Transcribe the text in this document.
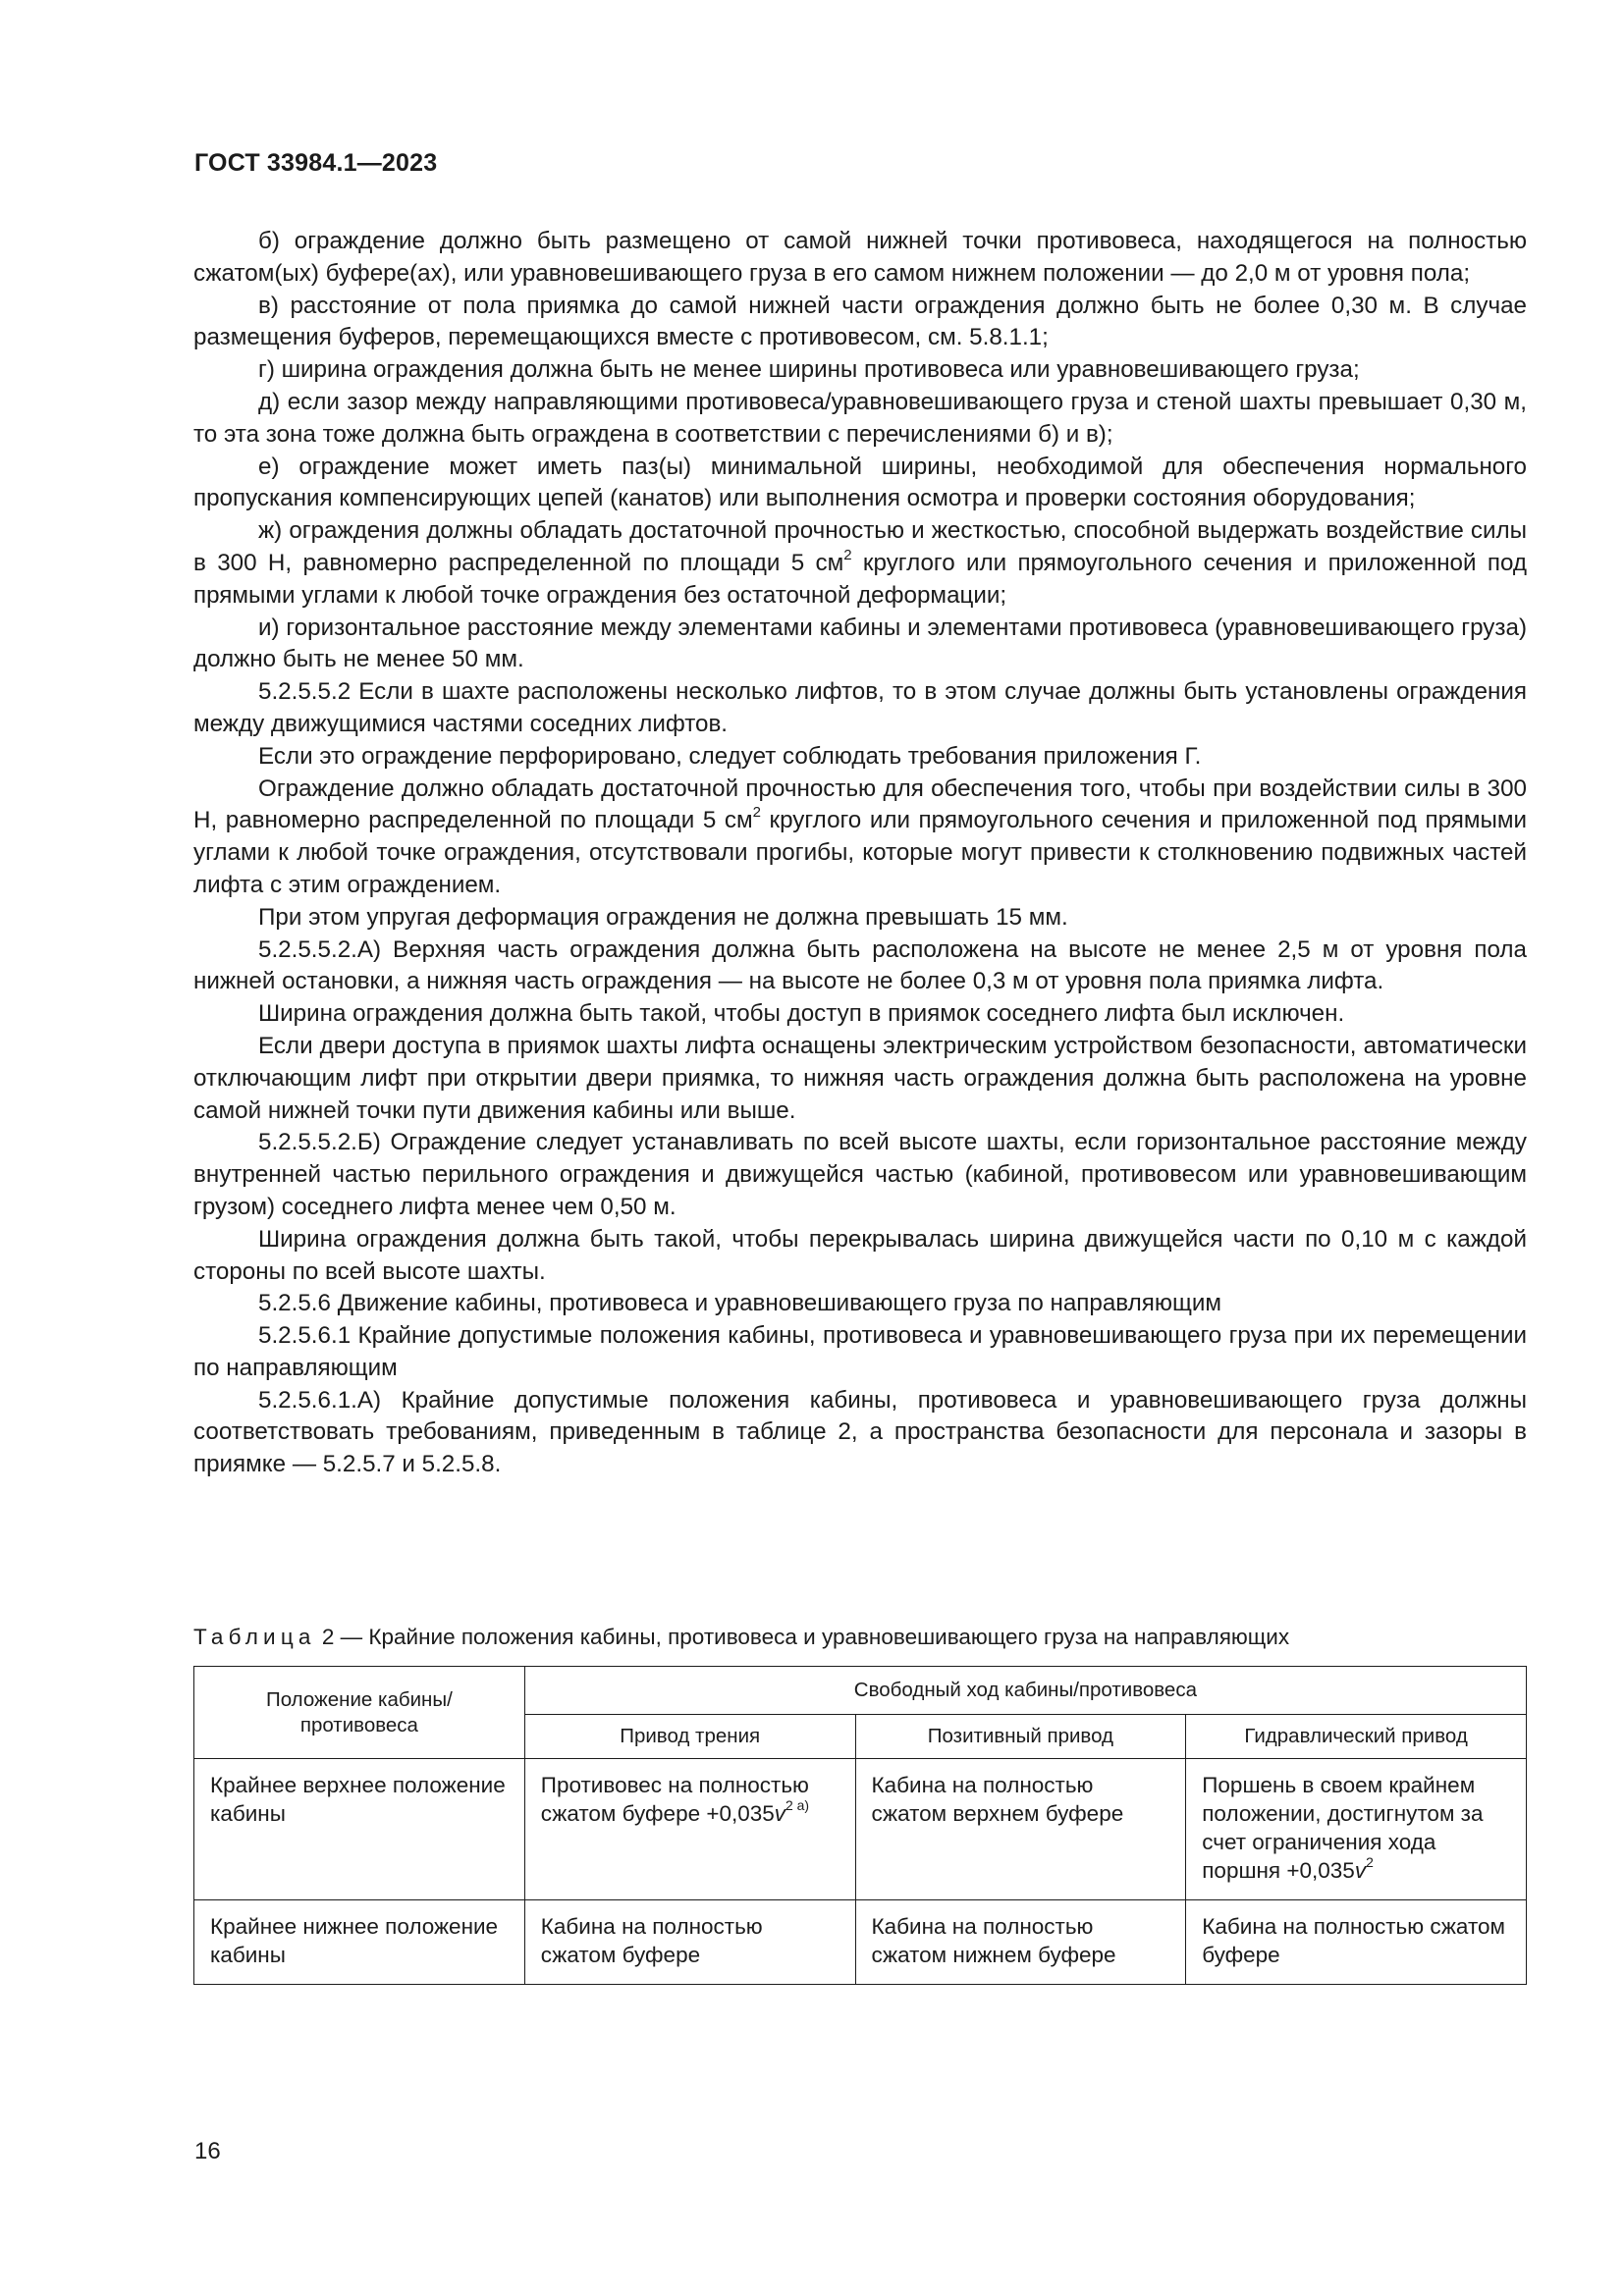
ГОСТ 33984.1—2023

б) ограждение должно быть размещено от самой нижней точки противовеса, находящегося на полностью сжатом(ых) буфере(ах), или уравновешивающего груза в его самом нижнем положении — до 2,0 м от уровня пола;

в) расстояние от пола приямка до самой нижней части ограждения должно быть не более 0,30 м. В случае размещения буферов, перемещающихся вместе с противовесом, см. 5.8.1.1;

г) ширина ограждения должна быть не менее ширины противовеса или уравновешивающего груза;

д) если зазор между направляющими противовеса/уравновешивающего груза и стеной шахты превышает 0,30 м, то эта зона тоже должна быть ограждена в соответствии с перечислениями б) и в);

е) ограждение может иметь паз(ы) минимальной ширины, необходимой для обеспечения нормального пропускания компенсирующих цепей (канатов) или выполнения осмотра и проверки состояния оборудования;

ж) ограждения должны обладать достаточной прочностью и жесткостью, способной выдержать воздействие силы в 300 Н, равномерно распределенной по площади 5 $см^2$ круглого или прямоугольного сечения и приложенной под прямыми углами к любой точке ограждения без остаточной деформации;

и) горизонтальное расстояние между элементами кабины и элементами противовеса (уравновешивающего груза) должно быть не менее 50 мм.

5.2.5.5.2 Если в шахте расположены несколько лифтов, то в этом случае должны быть установлены ограждения между движущимися частями соседних лифтов.

Если это ограждение перфорировано, следует соблюдать требования приложения Г.

Ограждение должно обладать достаточной прочностью для обеспечения того, чтобы при воздействии силы в 300 Н, равномерно распределенной по площади 5 $см^2$ круглого или прямоугольного сечения и приложенной под прямыми углами к любой точке ограждения, отсутствовали прогибы, которые могут привести к столкновению подвижных частей лифта с этим ограждением.

При этом упругая деформация ограждения не должна превышать 15 мм.

5.2.5.5.2.А) Верхняя часть ограждения должна быть расположена на высоте не менее 2,5 м от уровня пола нижней остановки, а нижняя часть ограждения — на высоте не более 0,3 м от уровня пола приямка лифта.

Ширина ограждения должна быть такой, чтобы доступ в приямок соседнего лифта был исключен.

Если двери доступа в приямок шахты лифта оснащены электрическим устройством безопасности, автоматически отключающим лифт при открытии двери приямка, то нижняя часть ограждения должна быть расположена на уровне самой нижней точки пути движения кабины или выше.

5.2.5.5.2.Б) Ограждение следует устанавливать по всей высоте шахты, если горизонтальное расстояние между внутренней частью перильного ограждения и движущейся частью (кабиной, противовесом или уравновешивающим грузом) соседнего лифта менее чем 0,50 м.

Ширина ограждения должна быть такой, чтобы перекрывалась ширина движущейся части по 0,10 м с каждой стороны по всей высоте шахты.

5.2.5.6 Движение кабины, противовеса и уравновешивающего груза по направляющим

5.2.5.6.1 Крайние допустимые положения кабины, противовеса и уравновешивающего груза при их перемещении по направляющим

5.2.5.6.1.А) Крайние допустимые положения кабины, противовеса и уравновешивающего груза должны соответствовать требованиям, приведенным в таблице 2, а пространства безопасности для персонала и зазоры в приямке — 5.2.5.7 и 5.2.5.8.

Таблица 2 — Крайние положения кабины, противовеса и уравновешивающего груза на направляющих
Положение кабины/ противовеса	Свободный ход кабины/противовеса		
	Привод трения	Позитивный привод	Гидравлический привод
Крайнее верхнее положение кабины	Противовес на полностью сжатом буфере $+0,035v^{2 а)}$	Кабина на полностью сжатом верхнем буфере	Поршень в своем крайнем положении, достигнутом за счет ограничения хода поршня $+0,035v^2$
Крайнее нижнее положение кабины	Кабина на полностью сжатом буфере	Кабина на полностью сжатом нижнем буфере	Кабина на полностью сжатом буфере
16
